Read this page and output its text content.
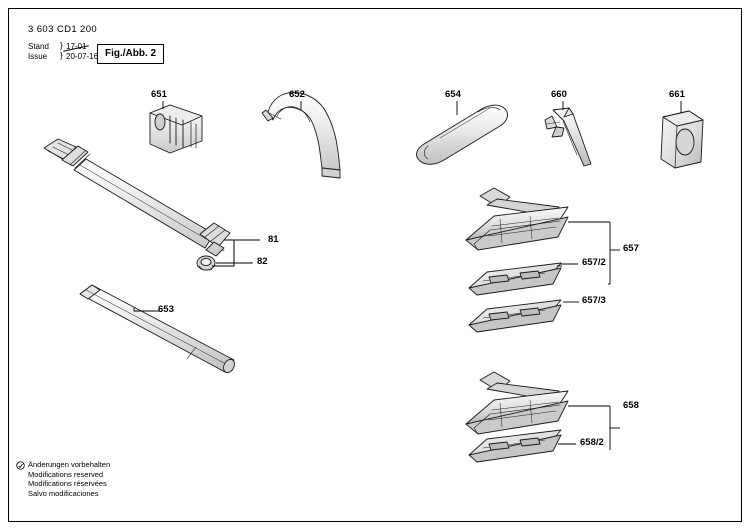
3 603 CD1 200
Stand
Issue
}
}
17-01
20-07-16 Fig./Abb. 2
651	652	654	660	661
81
82
653
657
657/2
657/3
658
658/2
Änderungen vorbehalten
Modifications reserved
Modifications réservées
Salvo modificaciones
